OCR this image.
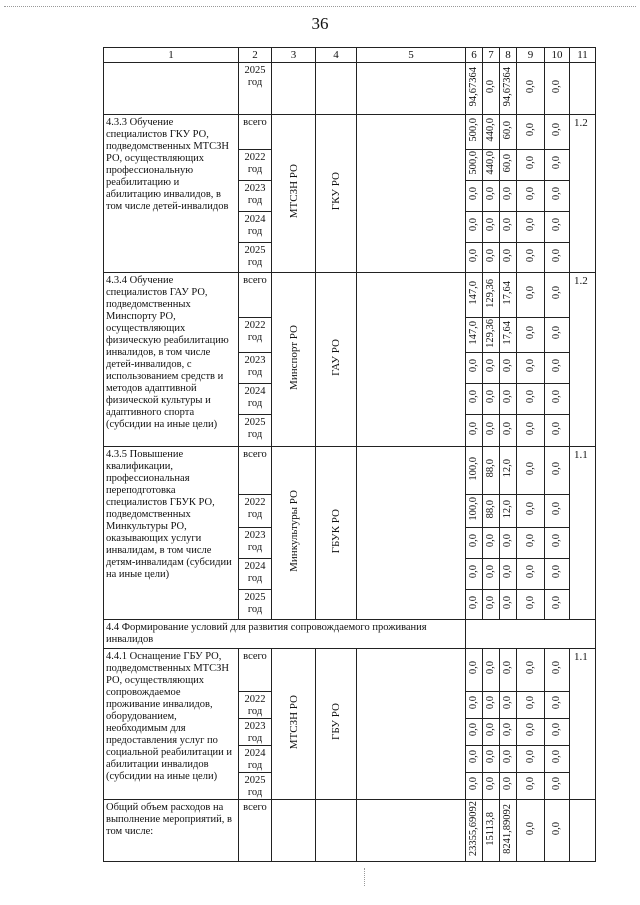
36
1	2	3	4	5	6	7	8	9	10	11
	2025 год				94,67364	0,0	94,67364	0,0	0,0	
4.3.3 Обучение специалистов ГКУ РО, подведомственных МТСЗН РО, осуществляющих профессиональную реабилитацию и абилитацию инвалидов, в том числе детей-инвалидов	всего	МТСЗН РО	ГКУ РО		500,0	440,0	60,0	0,0	0,0	1.2
	2022 год				500,0	440,0	60,0	0,0	0,0	
	2023 год				0,0	0,0	0,0	0,0	0,0	
	2024 год				0,0	0,0	0,0	0,0	0,0	
	2025 год				0,0	0,0	0,0	0,0	0,0	
4.3.4 Обучение специалистов ГАУ РО, подведомственных Минспорту РО, осуществляющих физическую реабилитацию инвалидов, в том числе детей-инвалидов, с использованием средств и методов адаптивной физической культуры и адаптивного спорта (субсидии на иные цели)	всего	Минспорт РО	ГАУ РО		147,0	129,36	17,64	0,0	0,0	1.2
	2022 год				147,0	129,36	17,64	0,0	0,0	
	2023 год				0,0	0,0	0,0	0,0	0,0	
	2024 год				0,0	0,0	0,0	0,0	0,0	
	2025 год				0,0	0,0	0,0	0,0	0,0	
4.3.5 Повышение квалификации, профессиональная переподготовка специалистов ГБУК РО, подведомственных Минкультуры РО, оказывающих услуги инвалидам, в том числе детям-инвалидам (субсидии на иные цели)	всего	Минкультуры РО	ГБУК РО		100,0	88,0	12,0	0,0	0,0	1.1
	2022 год				100,0	88,0	12,0	0,0	0,0	
	2023 год				0,0	0,0	0,0	0,0	0,0	
	2024 год				0,0	0,0	0,0	0,0	0,0	
	2025 год				0,0	0,0	0,0	0,0	0,0	
4.4 Формирование условий для развития сопровождаемого проживания инвалидов										
4.4.1 Оснащение ГБУ РО, подведомственных МТСЗН РО, осуществляющих сопровождаемое проживание инвалидов, оборудованием, необходимым для предоставления услуг по социальной реабилитации и абилитации инвалидов (субсидии на иные цели)	всего	МТСЗН РО	ГБУ РО		0,0	0,0	0,0	0,0	0,0	1.1
	2022 год				0,0	0,0	0,0	0,0	0,0	
	2023 год				0,0	0,0	0,0	0,0	0,0	
	2024 год				0,0	0,0	0,0	0,0	0,0	
	2025 год				0,0	0,0	0,0	0,0	0,0	
Общий объем расходов на выполнение мероприятий, в том числе:	всего				23355,69092	15113,8	8241,89092	0,0	0,0	
